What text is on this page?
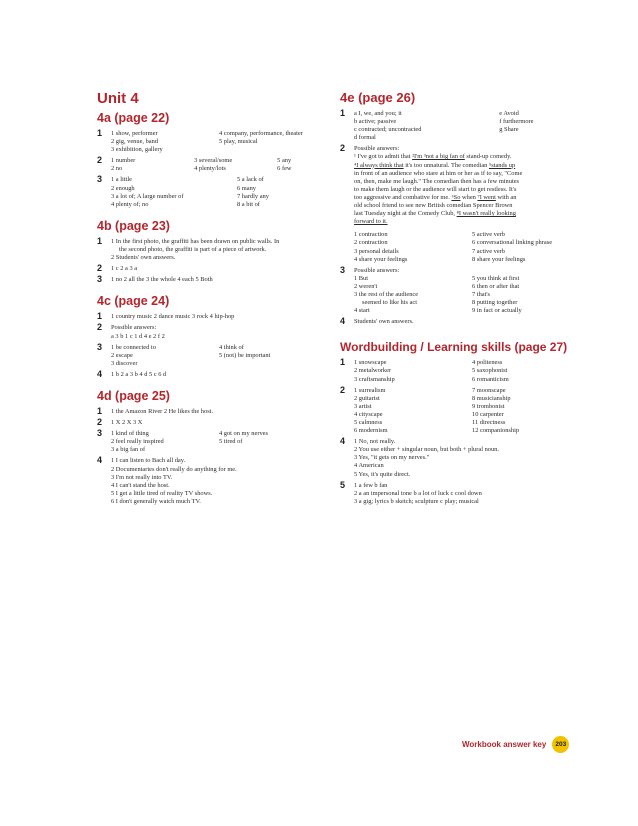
Unit 4
4a (page 22)
1 1 show, performer
2 gig, venue, band
3 exhibition, gallery
4 company, performance, theater
5 play, musical
2 1 number
2 no
3 several/some
4 plenty/lots
5 any
6 few
3 1 a little
2 enough
3 a lot of; A large number of
4 plenty of; no
5 a lack of
6 many
7 hardly any
8 a bit of
4b (page 23)
1 1 In the first photo, the graffiti has been drawn on public walls. In
the second photo, the graffiti is part of a piece of artwork.
2 Students' own answers.
2 1 c 2 a 3 a
3 1 no 2 all the 3 the whole 4 each 5 Both
4c (page 24)
1 1 country music 2 dance music 3 rock 4 hip-hop
2 Possible answers:
a 3 b 1 c 1 d 4 e 2 f 2
3 1 be connected to
2 escape
3 discover
4 think of
5 (not) be important
4 1 b 2 a 3 b 4 d 5 c 6 d
4d (page 25)
1 1 the Amazon River 2 He likes the host.
2 1 X 2 X 3 X
3 1 kind of thing
2 feel really inspired
3 a big fan of
4 got on my nerves
5 tired of
4 1 I can listen to Bach all day.
2 Documentaries don't really do anything for me.
3 I'm not really into TV.
4 I can't stand the host.
5 I get a little tired of reality TV shows.
6 I don't generally watch much TV.
4e (page 26)
1 a I, we, and you; it
b active; passive
c contracted; uncontracted
d formal
e Avoid
f furthermore
g Share
2 Possible answers:
¹ I've got to admit that ²I'm ³not a big fan of stand-up comedy.
⁴I always think that it's too unnatural. The comedian ⁵stands up
in front of an audience who stare at him or her as if to say, "Come
on, then, make me laugh." The comedian then has a few minutes
to make them laugh or the audience will start to get restless. It's
too aggressive and combative for me. ⁶So when ⁷I went with an
old school friend to see new British comedian Spencer Brown
last Tuesday night at the Comedy Club, ⁸I wasn't really looking
forward to it.
1 contraction
2 contraction
3 personal details
4 share your feelings
5 active verb
6 conversational linking phrase
7 active verb
8 share your feelings
3 Possible answers:
1 But
2 weren't
3 the rest of the audience
seemed to like his act
4 start
5 you think at first
6 then or after that
7 that's
8 putting together
9 in fact or actually
4 Students' own answers.
Wordbuilding / Learning skills (page 27)
1 1 snowscape
2 metalworker
3 craftsmanship
4 politeness
5 saxophonist
6 romanticism
2 1 surrealism
2 guitarist
3 artist
4 cityscape
5 calmness
6 modernism
7 moonscape
8 musicianship
9 trombonist
10 carpenter
11 directness
12 companionship
4 1 No, not really.
2 You use either + singular noun, but both + plural noun.
3 Yes, "it gets on my nerves."
4 American
5 Yes, it's quite direct.
5 1 a few b fan
2 a an impersonal tone b a lot of luck c cool down
3 a gig; lyrics b sketch; sculpture c play; musical
Workbook answer key	203
